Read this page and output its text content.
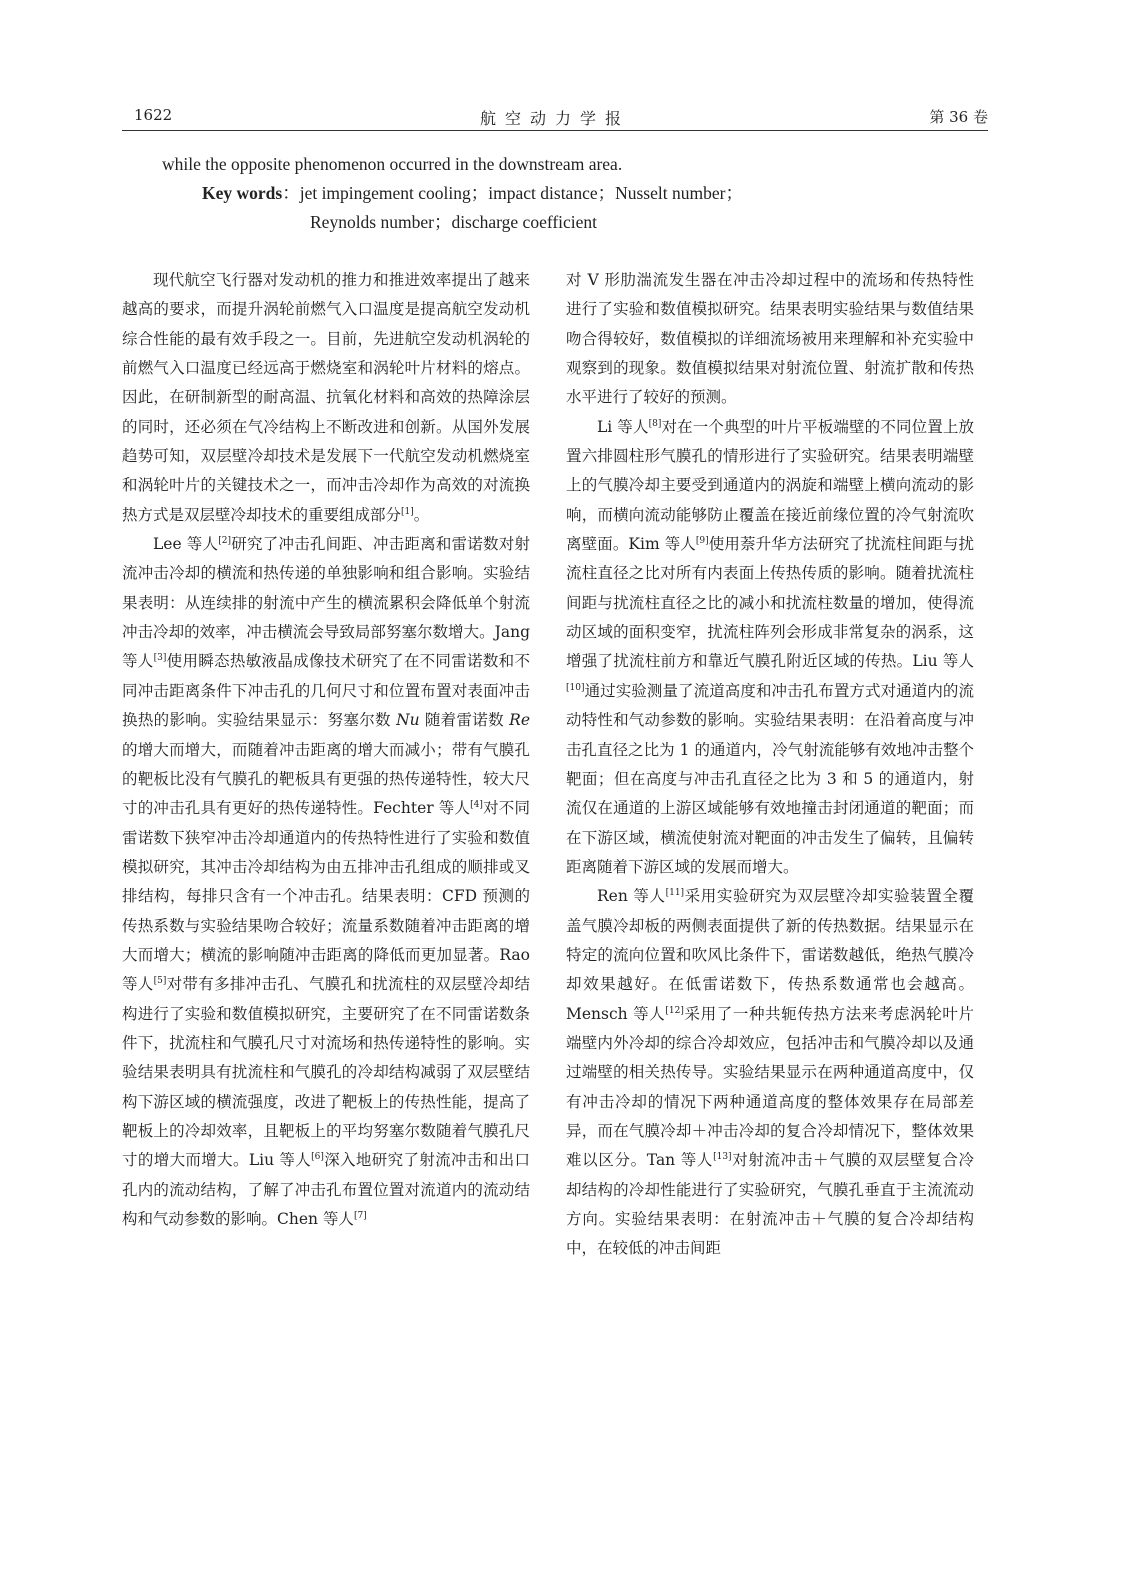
1622	航空动力学报	第 36 卷

while the opposite phenomenon occurred in the downstream area.

Key words：jet impingement cooling；impact distance；Nusselt number；

Reynolds number；discharge coefficient

现代航空飞行器对发动机的推力和推进效率提出了越来越高的要求，而提升涡轮前燃气入口温度是提高航空发动机综合性能的最有效手段之一。目前，先进航空发动机涡轮的前燃气入口温度已经远高于燃烧室和涡轮叶片材料的熔点。因此，在研制新型的耐高温、抗氧化材料和高效的热障涂层的同时，还必须在气冷结构上不断改进和创新。从国外发展趋势可知，双层壁冷却技术是发展下一代航空发动机燃烧室和涡轮叶片的关键技术之一，而冲击冷却作为高效的对流换热方式是双层壁冷却技术的重要组成部分[1]。

Lee 等人[2]研究了冲击孔间距、冲击距离和雷诺数对射流冲击冷却的横流和热传递的单独影响和组合影响。实验结果表明：从连续排的射流中产生的横流累积会降低单个射流冲击冷却的效率，冲击横流会导致局部努塞尔数增大。Jang 等人[3]使用瞬态热敏液晶成像技术研究了在不同雷诺数和不同冲击距离条件下冲击孔的几何尺寸和位置布置对表面冲击换热的影响。实验结果显示：努塞尔数 Nu 随着雷诺数 Re 的增大而增大，而随着冲击距离的增大而减小；带有气膜孔的靶板比没有气膜孔的靶板具有更强的热传递特性，较大尺寸的冲击孔具有更好的热传递特性。Fechter 等人[4]对不同雷诺数下狭窄冲击冷却通道内的传热特性进行了实验和数值模拟研究，其冲击冷却结构为由五排冲击孔组成的顺排或叉排结构，每排只含有一个冲击孔。结果表明：CFD 预测的传热系数与实验结果吻合较好；流量系数随着冲击距离的增大而增大；横流的影响随冲击距离的降低而更加显著。Rao 等人[5]对带有多排冲击孔、气膜孔和扰流柱的双层壁冷却结构进行了实验和数值模拟研究，主要研究了在不同雷诺数条件下，扰流柱和气膜孔尺寸对流场和热传递特性的影响。实验结果表明具有扰流柱和气膜孔的冷却结构减弱了双层壁结构下游区域的横流强度，改进了靶板上的传热性能，提高了靶板上的冷却效率，且靶板上的平均努塞尔数随着气膜孔尺寸的增大而增大。Liu 等人[6]深入地研究了射流冲击和出口孔内的流动结构，了解了冲击孔布置位置对流道内的流动结构和气动参数的影响。Chen 等人[7]

对 V 形肋湍流发生器在冲击冷却过程中的流场和传热特性进行了实验和数值模拟研究。结果表明实验结果与数值结果吻合得较好，数值模拟的详细流场被用来理解和补充实验中观察到的现象。数值模拟结果对射流位置、射流扩散和传热水平进行了较好的预测。

Li 等人[8]对在一个典型的叶片平板端壁的不同位置上放置六排圆柱形气膜孔的情形进行了实验研究。结果表明端壁上的气膜冷却主要受到通道内的涡旋和端壁上横向流动的影响，而横向流动能够防止覆盖在接近前缘位置的冷气射流吹离壁面。Kim 等人[9]使用萘升华方法研究了扰流柱间距与扰流柱直径之比对所有内表面上传热传质的影响。随着扰流柱间距与扰流柱直径之比的减小和扰流柱数量的增加，使得流动区域的面积变窄，扰流柱阵列会形成非常复杂的涡系，这增强了扰流柱前方和靠近气膜孔附近区域的传热。Liu 等人[10]通过实验测量了流道高度和冲击孔布置方式对通道内的流动特性和气动参数的影响。实验结果表明：在沿着高度与冲击孔直径之比为 1 的通道内，冷气射流能够有效地冲击整个靶面；但在高度与冲击孔直径之比为 3 和 5 的通道内，射流仅在通道的上游区域能够有效地撞击封闭通道的靶面；而在下游区域，横流使射流对靶面的冲击发生了偏转，且偏转距离随着下游区域的发展而增大。

Ren 等人[11]采用实验研究为双层壁冷却实验装置全覆盖气膜冷却板的两侧表面提供了新的传热数据。结果显示在特定的流向位置和吹风比条件下，雷诺数越低，绝热气膜冷却效果越好。在低雷诺数下，传热系数通常也会越高。Mensch 等人[12]采用了一种共轭传热方法来考虑涡轮叶片端壁内外冷却的综合冷却效应，包括冲击和气膜冷却以及通过端壁的相关热传导。实验结果显示在两种通道高度中，仅有冲击冷却的情况下两种通道高度的整体效果存在局部差异，而在气膜冷却＋冲击冷却的复合冷却情况下，整体效果难以区分。Tan 等人[13]对射流冲击＋气膜的双层壁复合冷却结构的冷却性能进行了实验研究，气膜孔垂直于主流流动方向。实验结果表明：在射流冲击＋气膜的复合冷却结构中，在较低的冲击间距
